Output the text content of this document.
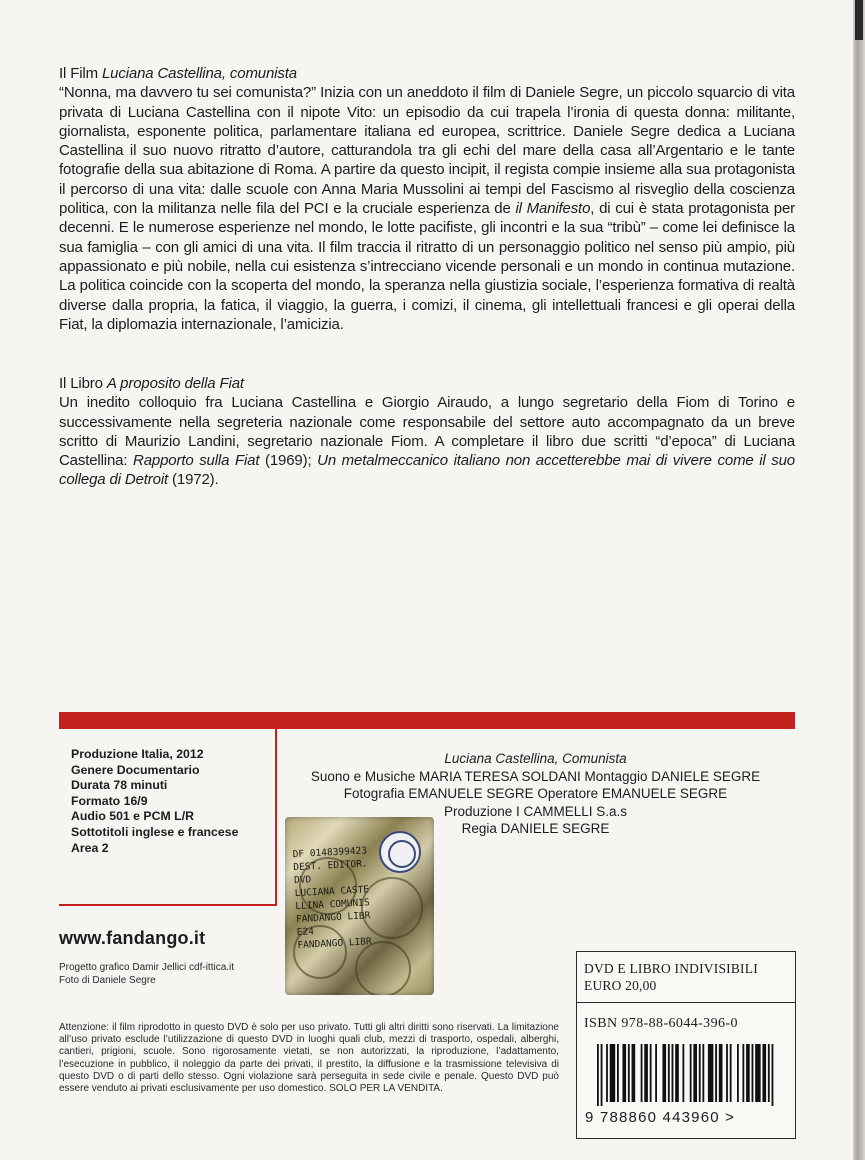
Il Film Luciana Castellina, comunista

“Nonna, ma davvero tu sei comunista?” Inizia con un aneddoto il film di Daniele Segre, un piccolo squarcio di vita privata di Luciana Castellina con il nipote Vito: un episodio da cui trapela l’ironia di questa donna: militante, giornalista, esponente politica, parlamentare italiana ed europea, scrittrice. Daniele Segre dedica a Luciana Castellina il suo nuovo ritratto d’autore, catturandola tra gli echi del mare della casa all’Argentario e le tante fotografie della sua abitazione di Roma. A partire da questo incipit, il regista compie insieme alla sua protagonista il percorso di una vita: dalle scuole con Anna Maria Mussolini ai tempi del Fascismo al risveglio della coscienza politica, con la militanza nelle fila del PCI e la cruciale esperienza de il Manifesto, di cui è stata protagonista per decenni. E le numerose esperienze nel mondo, le lotte pacifiste, gli incontri e la sua “tribù” – come lei definisce la sua famiglia – con gli amici di una vita. Il film traccia il ritratto di un personaggio politico nel senso più ampio, più appassionato e più nobile, nella cui esistenza s’intrecciano vicende personali e un mondo in continua mutazione. La politica coincide con la scoperta del mondo, la speranza nella giustizia sociale, l’esperienza formativa di realtà diverse dalla propria, la fatica, il viaggio, la guerra, i comizi, il cinema, gli intellettuali francesi e gli operai della Fiat, la diplomazia internazionale, l’amicizia.

Il Libro A proposito della Fiat

Un inedito colloquio fra Luciana Castellina e Giorgio Airaudo, a lungo segretario della Fiom di Torino e successivamente nella segreteria nazionale come responsabile del settore auto accompagnato da un breve scritto di Maurizio Landini, segretario nazionale Fiom. A completare il libro due scritti “d’epoca” di Luciana Castellina: Rapporto sulla Fiat (1969); Un metalmeccanico italiano non accetterebbe mai di vivere come il suo collega di Detroit (1972).

Produzione Italia, 2012
Genere Documentario
Durata 78 minuti
Formato 16/9
Audio 501 e PCM L/R
Sottotitoli inglese e francese
Area 2
Luciana Castellina, Comunista
Suono e Musiche MARIA TERESA SOLDANI Montaggio DANIELE SEGRE
Fotografia EMANUELE SEGRE Operatore EMANUELE SEGRE
Produzione I CAMMELLI S.a.s
Regia DANIELE SEGRE
www.fandango.it
Progetto grafico Damir Jellici cdf-ittica.it
Foto di Daniele Segre
DF 0148399423
DEST. EDITOR.
DVD
LUCIANA CASTE
LLINA COMUNIS
FANDANGO LIBR
E24
FANDANGO LIBR
Attenzione: il film riprodotto in questo DVD è solo per uso privato. Tutti gli altri diritti sono riservati. La limitazione all’uso privato esclude l’utilizzazione di questo DVD in luoghi quali club, mezzi di trasporto, ospedali, alberghi, cantieri, prigioni, scuole. Sono rigorosamente vietati, se non autorizzati, la riproduzione, l’adattamento, l’esecuzione in pubblico, il noleggio da parte dei privati, il prestito, la diffusione e la trasmissione televisiva di questo DVD o di parti dello stesso. Ogni violazione sarà perseguita in sede civile e penale. Questo DVD può essere venduto ai privati esclusivamente per uso domestico. SOLO PER LA VENDITA.
DVD E LIBRO INDIVISIBILI
EURO 20,00
ISBN 978-88-6044-396-0
9 788860 443960 >
